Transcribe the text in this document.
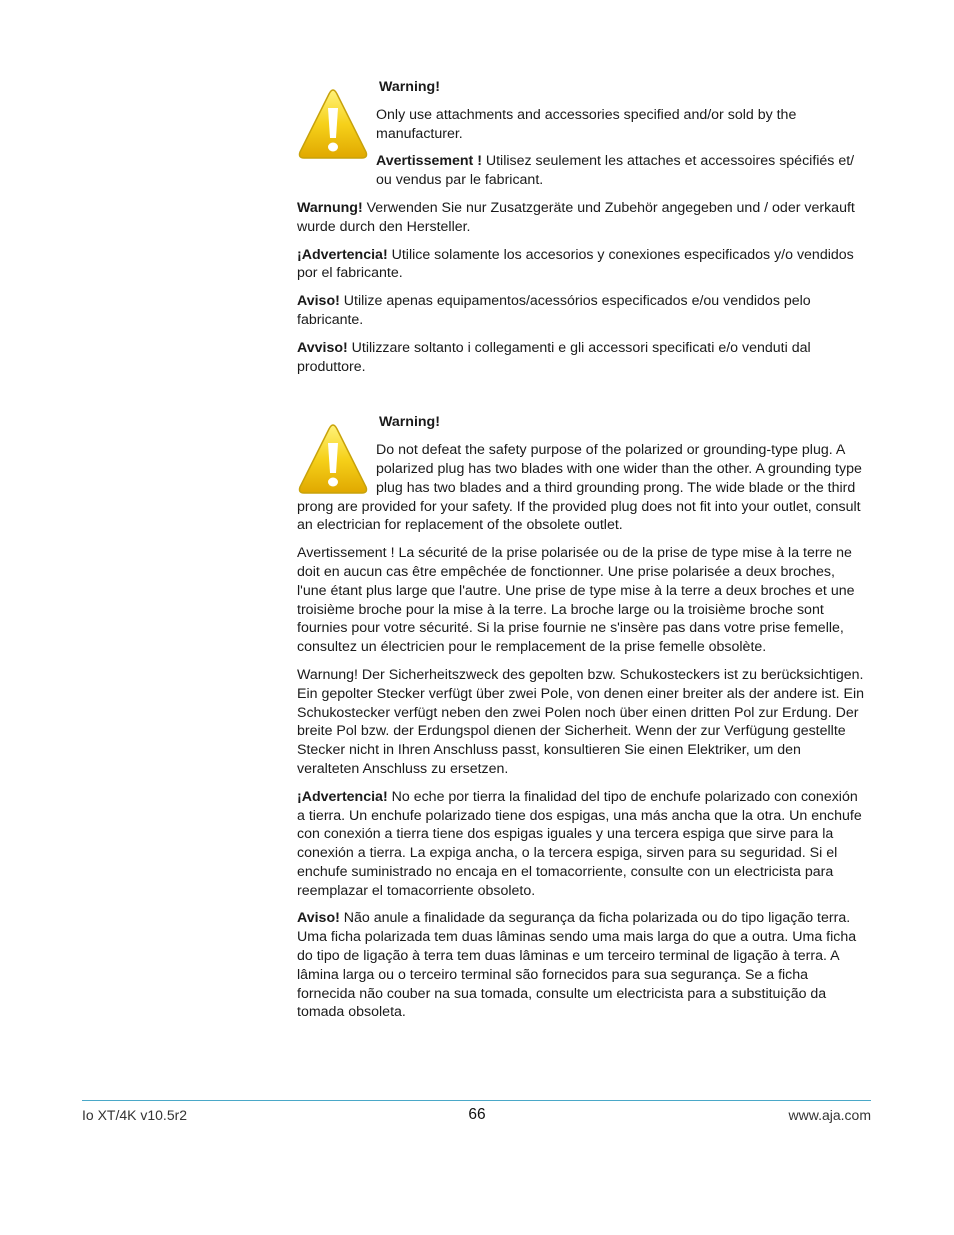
Warning!

Only use attachments and accessories specified and/or sold by the manufacturer.

Avertissement ! Utilisez seulement les attaches et accessoires spécifiés et/ ou vendus par le fabricant.

Warnung! Verwenden Sie nur Zusatzgeräte und Zubehör angegeben und / oder verkauft wurde durch den Hersteller.

¡Advertencia! Utilice solamente los accesorios y conexiones especificados y/o vendidos por el fabricante.

Aviso! Utilize apenas equipamentos/acessórios especificados e/ou vendidos pelo fabricante.

Avviso! Utilizzare soltanto i collegamenti e gli accessori specificati e/o venduti dal produttore.

Warning!

Do not defeat the safety purpose of the polarized or grounding-type plug. A polarized plug has two blades with one wider than the other. A grounding type plug has two blades and a third grounding prong. The wide blade or the third prong are provided for your safety. If the provided plug does not fit into your outlet, consult an electrician for replacement of the obsolete outlet.

Avertissement ! La sécurité de la prise polarisée ou de la prise de type mise à la terre ne doit en aucun cas être empêchée de fonctionner. Une prise polarisée a deux broches, l'une étant plus large que l'autre. Une prise de type mise à la terre a deux broches et une troisième broche pour la mise à la terre. La broche large ou la troisième broche sont fournies pour votre sécurité. Si la prise fournie ne s'insère pas dans votre prise femelle, consultez un électricien pour le remplacement de la prise femelle obsolète.

Warnung! Der Sicherheitszweck des gepolten bzw. Schukosteckers ist zu berücksichtigen. Ein gepolter Stecker verfügt über zwei Pole, von denen einer breiter als der andere ist. Ein Schukostecker verfügt neben den zwei Polen noch über einen dritten Pol zur Erdung. Der breite Pol bzw. der Erdungspol dienen der Sicherheit. Wenn der zur Verfügung gestellte Stecker nicht in Ihren Anschluss passt, konsultieren Sie einen Elektriker, um den veralteten Anschluss zu ersetzen.

¡Advertencia! No eche por tierra la finalidad del tipo de enchufe polarizado con conexión a tierra. Un enchufe polarizado tiene dos espigas, una más ancha que la otra. Un enchufe con conexión a tierra tiene dos espigas iguales y una tercera espiga que sirve para la conexión a tierra. La expiga ancha, o la tercera espiga, sirven para su seguridad. Si el enchufe suministrado no encaja en el tomacorriente, consulte con un electricista para reemplazar el tomacorriente obsoleto.

Aviso! Não anule a finalidade da segurança da ficha polarizada ou do tipo ligação terra. Uma ficha polarizada tem duas lâminas sendo uma mais larga do que a outra. Uma ficha do tipo de ligação à terra tem duas lâminas e um terceiro terminal de ligação à terra. A lâmina larga ou o terceiro terminal são fornecidos para sua segurança. Se a ficha fornecida não couber na sua tomada, consulte um electricista para a substituição da tomada obsoleta.

Io XT/4K v10.5r2	66	www.aja.com
